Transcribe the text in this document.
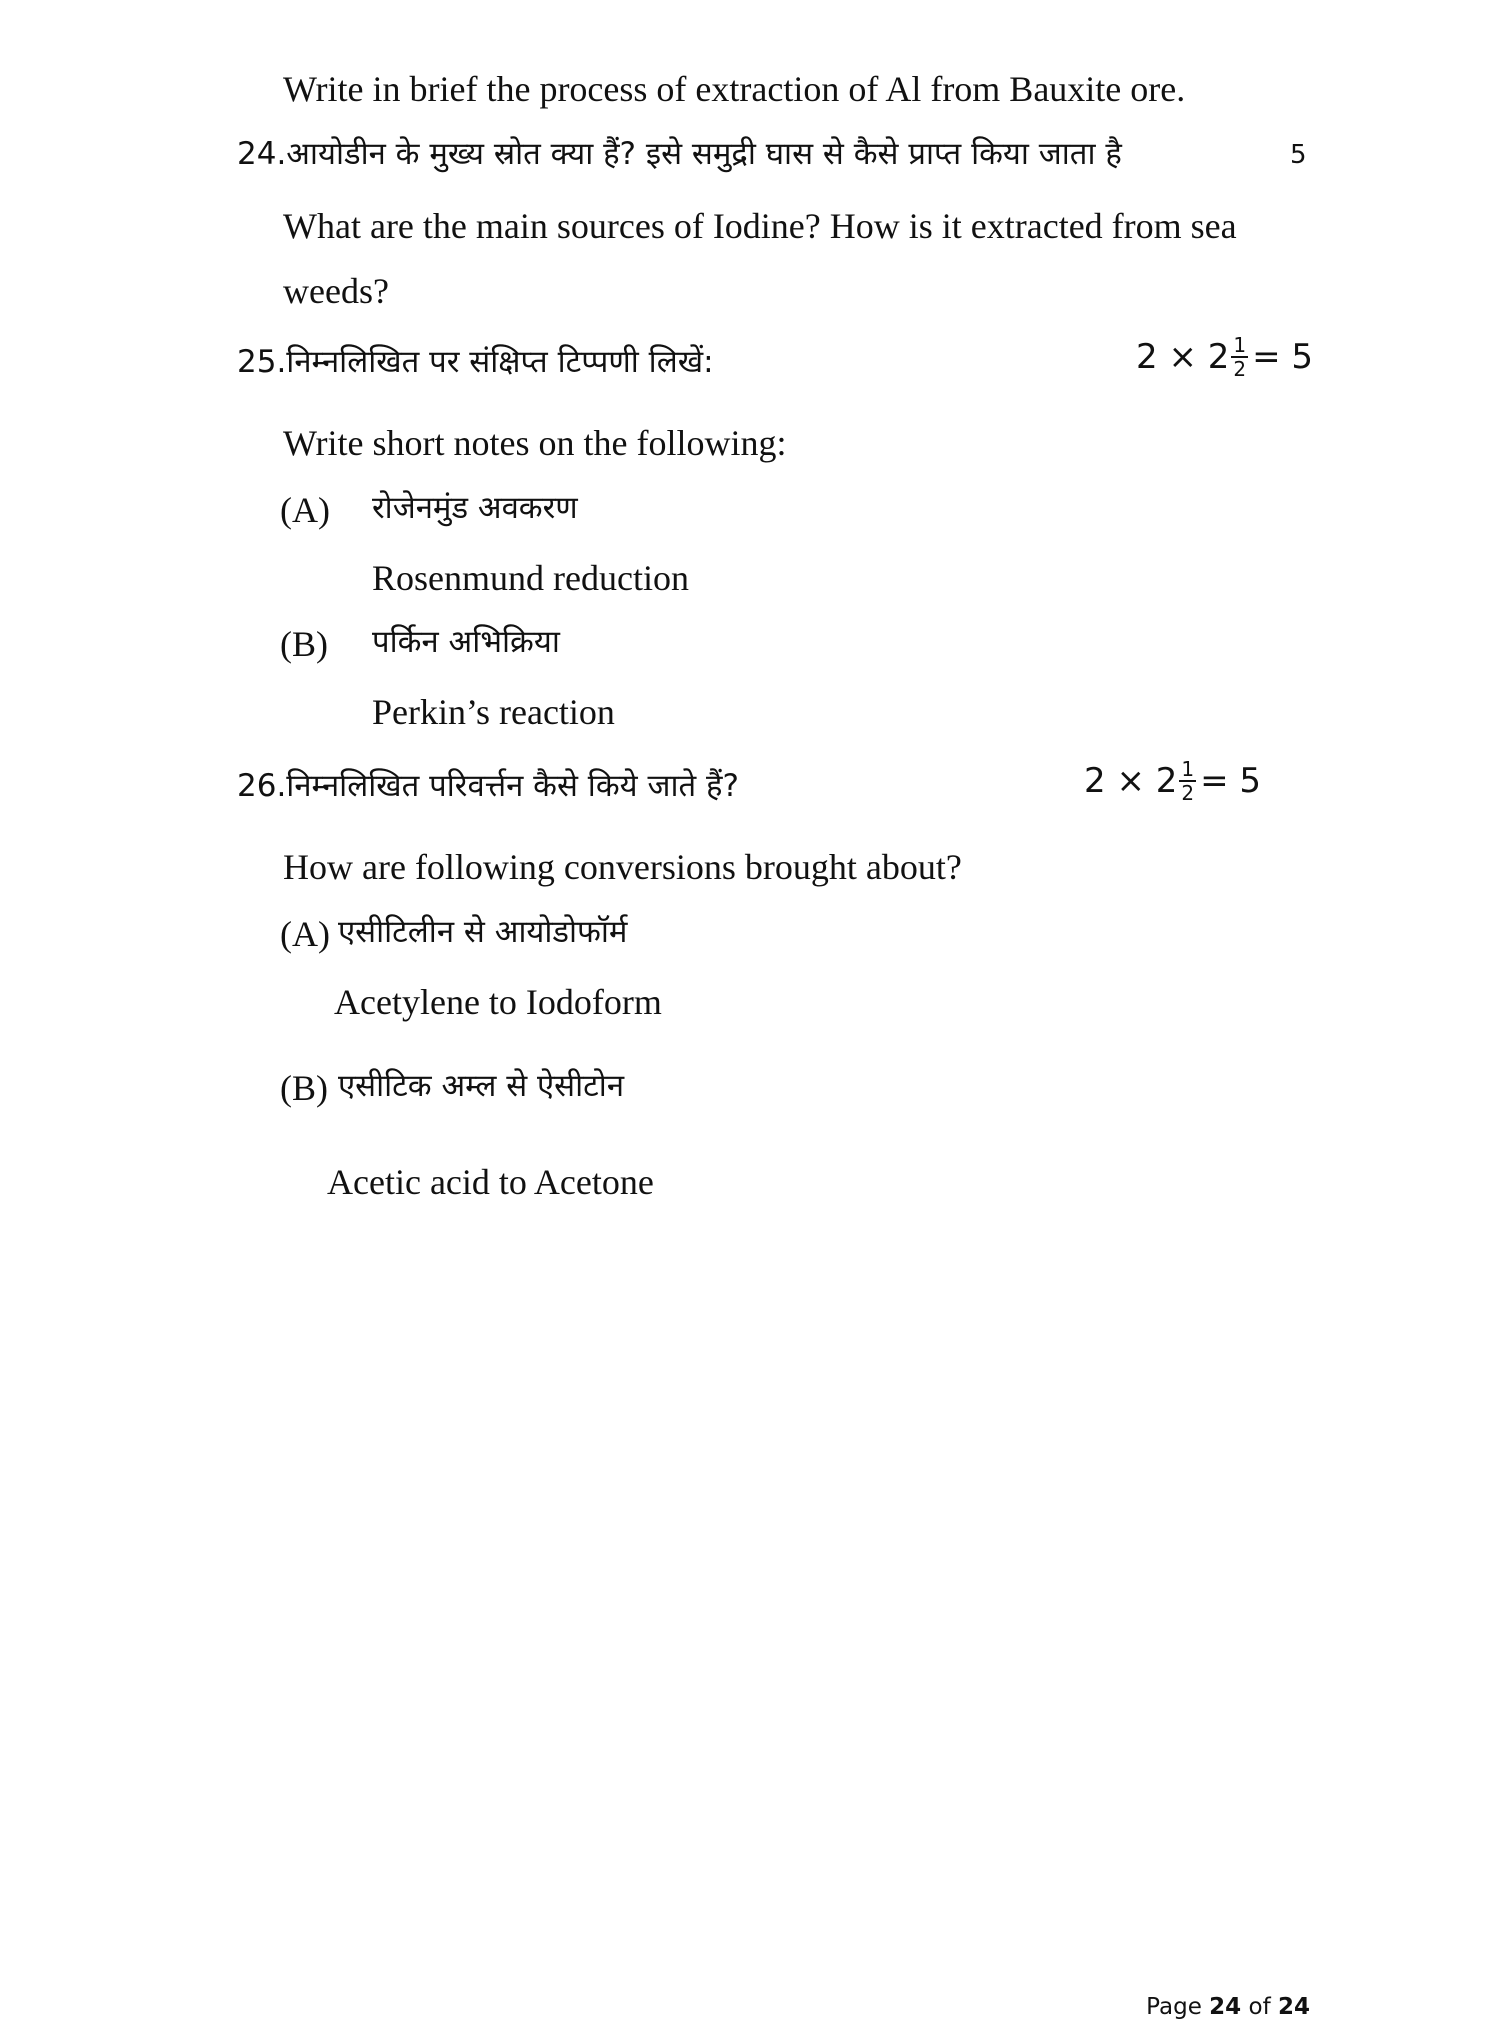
Write in brief the process of extraction of Al from Bauxite ore.
24.आयोडीन के मुख्य स्रोत क्या हैं? इसे समुद्री घास से कैसे प्राप्त किया जाता है	5
What are the main sources of Iodine? How is it extracted from sea
weeds?
25.निम्नलिखित पर संक्षिप्त टिप्पणी लिखें:	$2 \times 2 \frac{1}{2} = 5$
Write short notes on the following:
(A) रोजेनमुंड अवकरण
Rosenmund reduction
(B) पर्किन अभिक्रिया
Perkin’s reaction
26.निम्नलिखित परिवर्त्तन कैसे किये जाते हैं?	$2 \times 2 \frac{1}{2} = 5$
How are following conversions brought about?
(A) एसीटिलीन से आयोडोफॉर्म
Acetylene to Iodoform
(B) एसीटिक अम्ल से ऐसीटोन
Acetic acid to Acetone
Page 24 of 24
